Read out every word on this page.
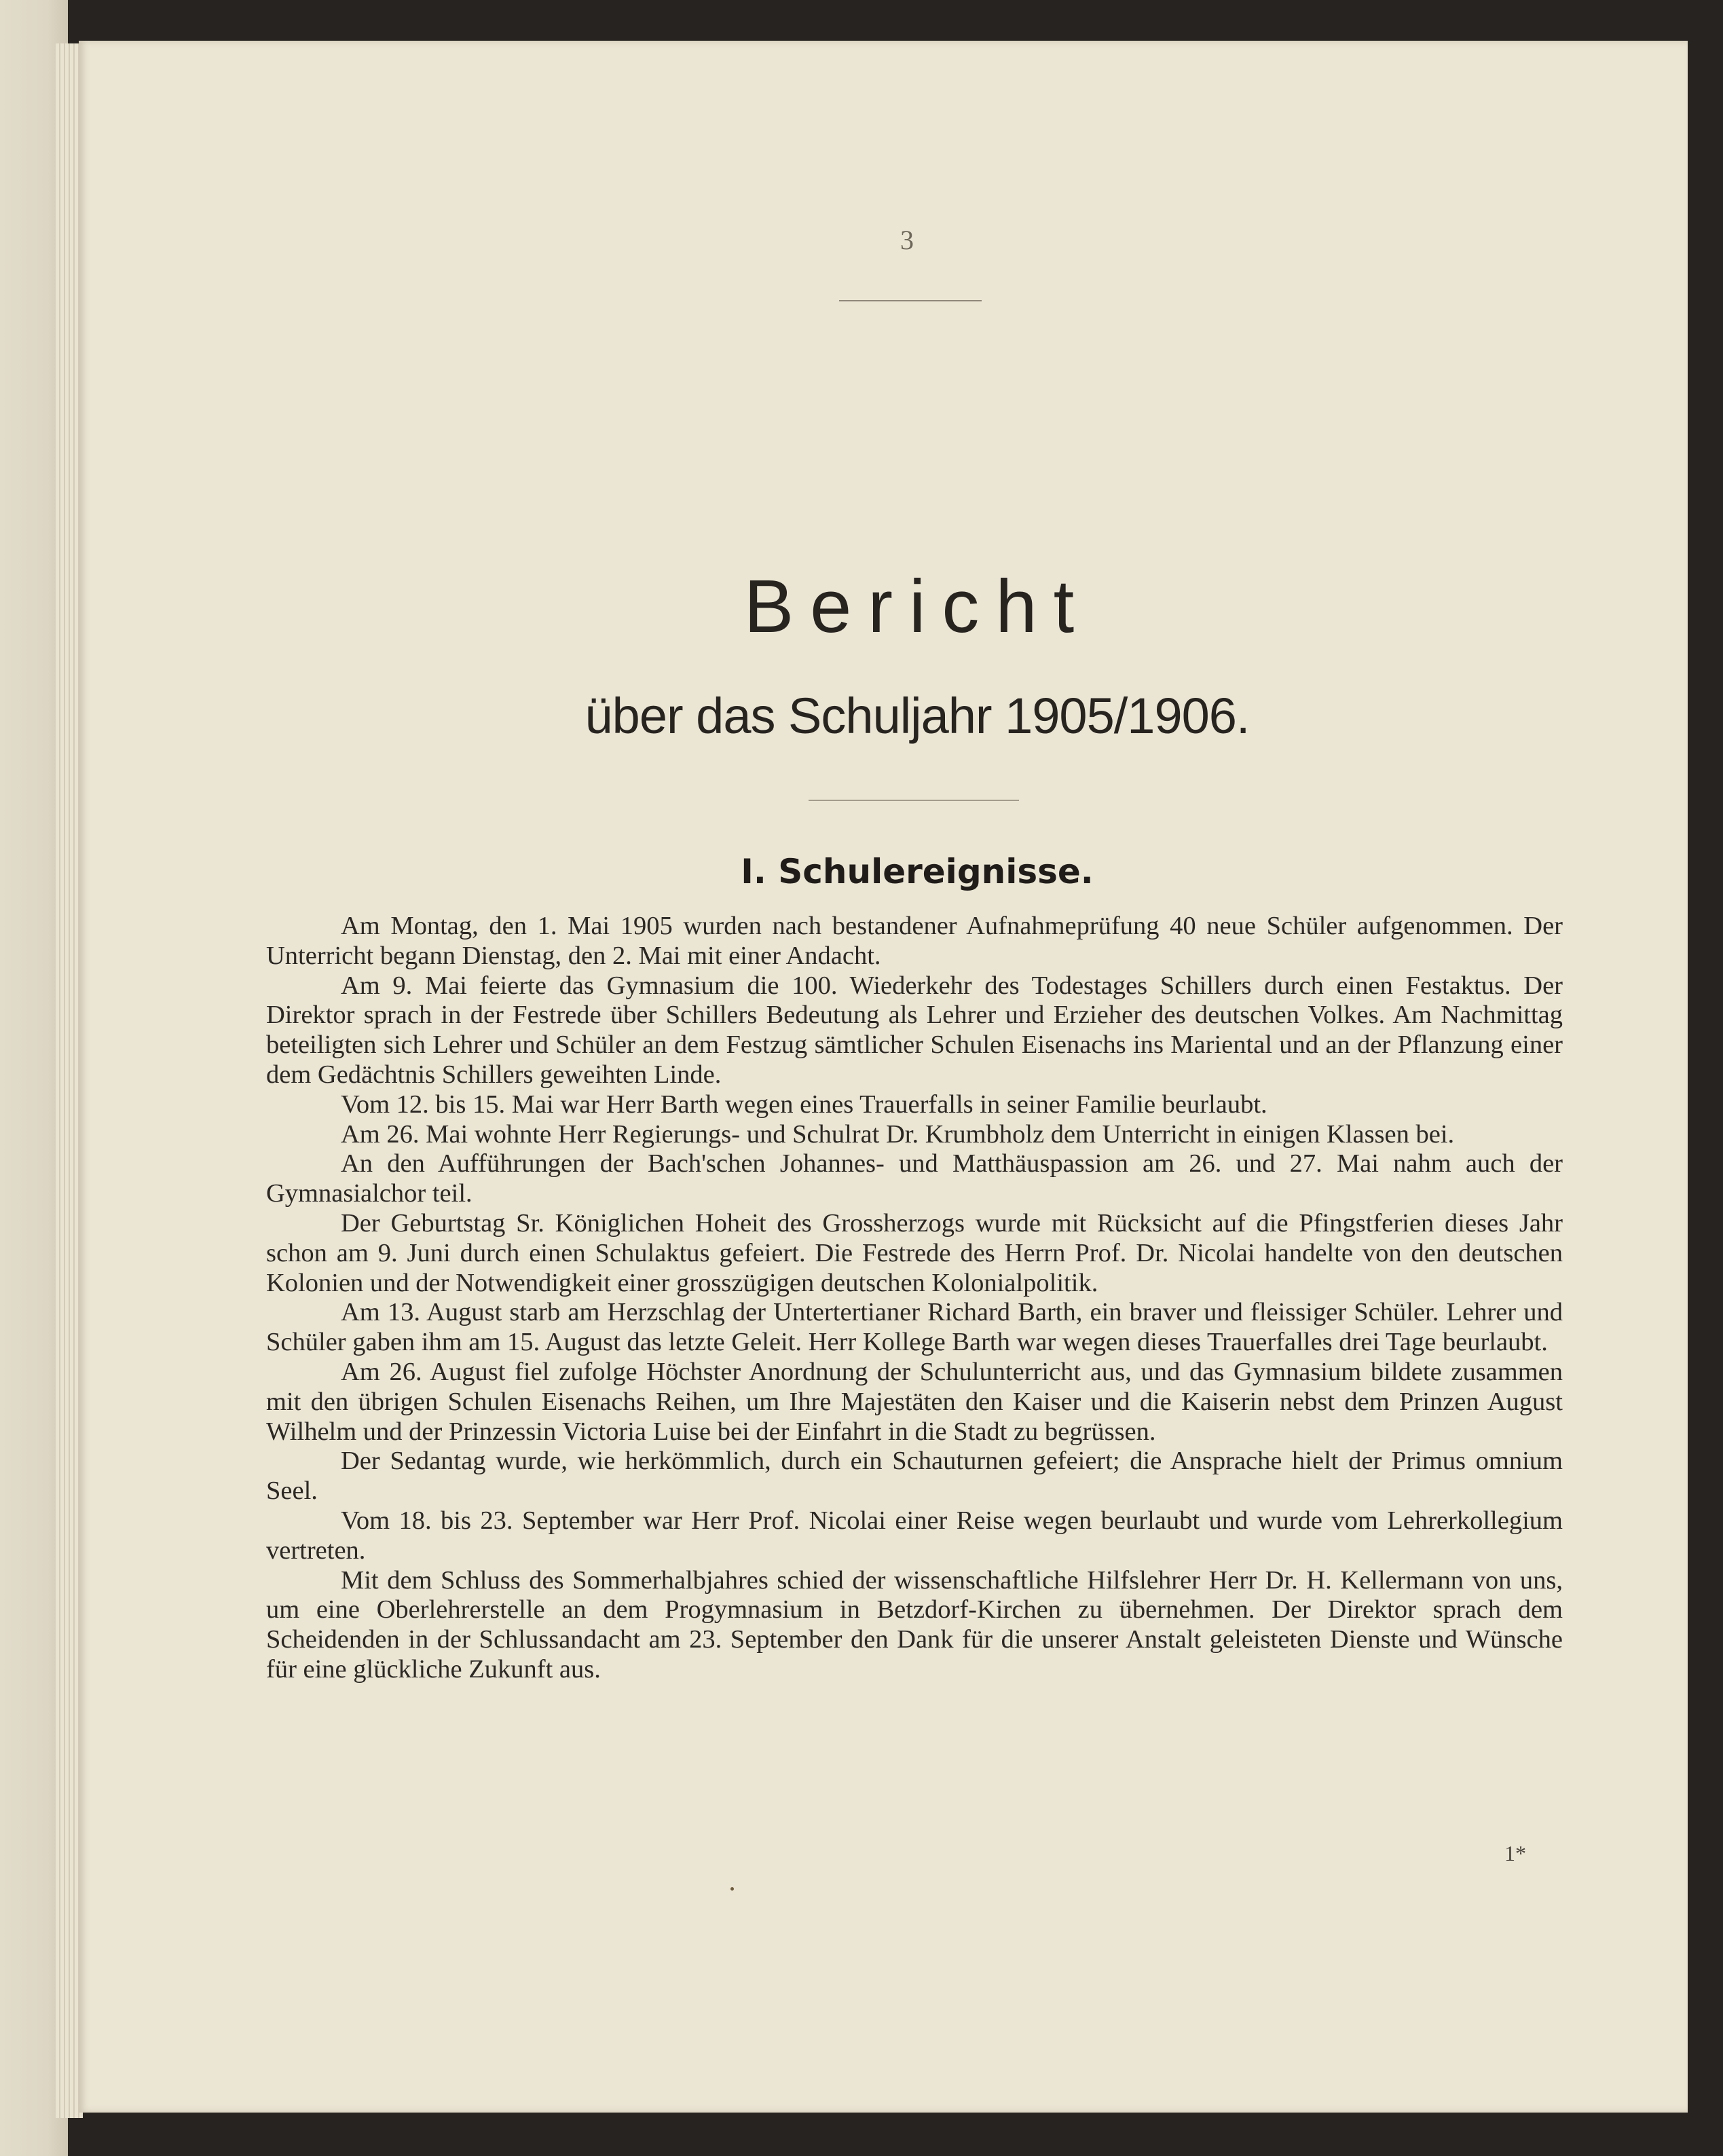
3
Bericht
über das Schuljahr 1905/1906.
I. Schulereignisse.

Am Montag, den 1. Mai 1905 wurden nach bestandener Aufnahmeprüfung 40 neue Schüler aufgenommen. Der Unterricht begann Dienstag, den 2. Mai mit einer Andacht.

Am 9. Mai feierte das Gymnasium die 100. Wiederkehr des Todestages Schillers durch einen Festaktus. Der Direktor sprach in der Festrede über Schillers Bedeutung als Lehrer und Erzieher des deutschen Volkes. Am Nachmittag beteiligten sich Lehrer und Schüler an dem Festzug sämtlicher Schulen Eisenachs ins Mariental und an der Pflanzung einer dem Gedächtnis Schillers geweihten Linde.

Vom 12. bis 15. Mai war Herr Barth wegen eines Trauerfalls in seiner Familie beurlaubt.

Am 26. Mai wohnte Herr Regierungs- und Schulrat Dr. Krumbholz dem Unterricht in einigen Klassen bei.

An den Aufführungen der Bach'schen Johannes- und Matthäuspassion am 26. und 27. Mai nahm auch der Gymnasialchor teil.

Der Geburtstag Sr. Königlichen Hoheit des Grossherzogs wurde mit Rücksicht auf die Pfingstferien dieses Jahr schon am 9. Juni durch einen Schulaktus gefeiert. Die Festrede des Herrn Prof. Dr. Nicolai handelte von den deutschen Kolonien und der Notwendigkeit einer grosszügigen deutschen Kolonialpolitik.

Am 13. August starb am Herzschlag der Untertertianer Richard Barth, ein braver und fleissiger Schüler. Lehrer und Schüler gaben ihm am 15. August das letzte Geleit. Herr Kollege Barth war wegen dieses Trauerfalles drei Tage beurlaubt.

Am 26. August fiel zufolge Höchster Anordnung der Schulunterricht aus, und das Gymnasium bildete zusammen mit den übrigen Schulen Eisenachs Reihen, um Ihre Majestäten den Kaiser und die Kaiserin nebst dem Prinzen August Wilhelm und der Prinzessin Victoria Luise bei der Einfahrt in die Stadt zu begrüssen.

Der Sedantag wurde, wie herkömmlich, durch ein Schauturnen gefeiert; die Ansprache hielt der Primus omnium Seel.

Vom 18. bis 23. September war Herr Prof. Nicolai einer Reise wegen beurlaubt und wurde vom Lehrerkollegium vertreten.

Mit dem Schluss des Sommerhalbjahres schied der wissenschaftliche Hilfslehrer Herr Dr. H. Kellermann von uns, um eine Oberlehrerstelle an dem Progymnasium in Betzdorf-Kirchen zu übernehmen. Der Direktor sprach dem Scheidenden in der Schlussandacht am 23. September den Dank für die unserer Anstalt geleisteten Dienste und Wünsche für eine glückliche Zukunft aus.

1*
